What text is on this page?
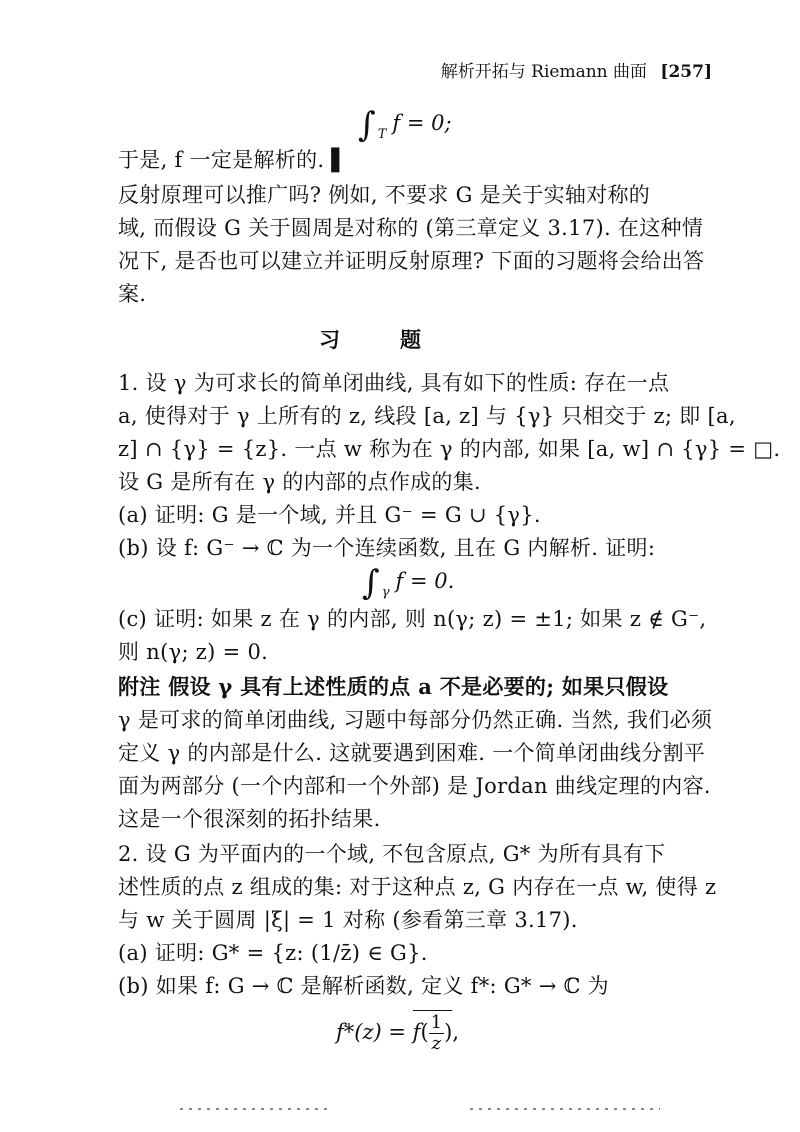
解析开拓与 Riemann 曲面 [257]
∫ $_T$ f = 0;
于是, f 一定是解析的. ▌
反射原理可以推广吗? 例如, 不要求 G 是关于实轴对称的
域, 而假设 G 关于圆周是对称的 (第三章定义 3.17). 在这种情
况下, 是否也可以建立并证明反射原理? 下面的习题将会给出答
案.
习题
1. 设 γ 为可求长的简单闭曲线, 具有如下的性质: 存在一点
a, 使得对于 γ 上所有的 z, 线段 [a, z] 与 {γ} 只相交于 z; 即 [a,
z] ∩ {γ} = {z}. 一点 w 称为在 γ 的内部, 如果 [a, w] ∩ {γ} = □.
设 G 是所有在 γ 的内部的点作成的集.
(a) 证明: G 是一个域, 并且 G⁻ = G ∪ {γ}.
(b) 设 f: G⁻ → ℂ 为一个连续函数, 且在 G 内解析. 证明:
∫ $_\gamma$ f = 0.
(c) 证明: 如果 z 在 γ 的内部, 则 n(γ; z) = ±1; 如果 z ∉ G⁻,
则 n(γ; z) = 0.
附注 假设 γ 具有上述性质的点 a 不是必要的; 如果只假设
γ 是可求的简单闭曲线, 习题中每部分仍然正确. 当然, 我们必须
定义 γ 的内部是什么. 这就要遇到困难. 一个简单闭曲线分割平
面为两部分 (一个内部和一个外部) 是 Jordan 曲线定理的内容.
这是一个很深刻的拓扑结果.
2. 设 G 为平面内的一个域, 不包含原点, G* 为所有具有下
述性质的点 z 组成的集: 对于这种点 z, G 内存在一点 w, 使得 z
与 w 关于圆周 |ξ| = 1 对称 (参看第三章 3.17).
(a) 证明: G* = {z: (1/z̄) ∈ G}.
(b) 如果 f: G → ℂ 是解析函数, 定义 f*: G* → ℂ 为
$f*(z) = f( \frac{1}{z}$ ),
